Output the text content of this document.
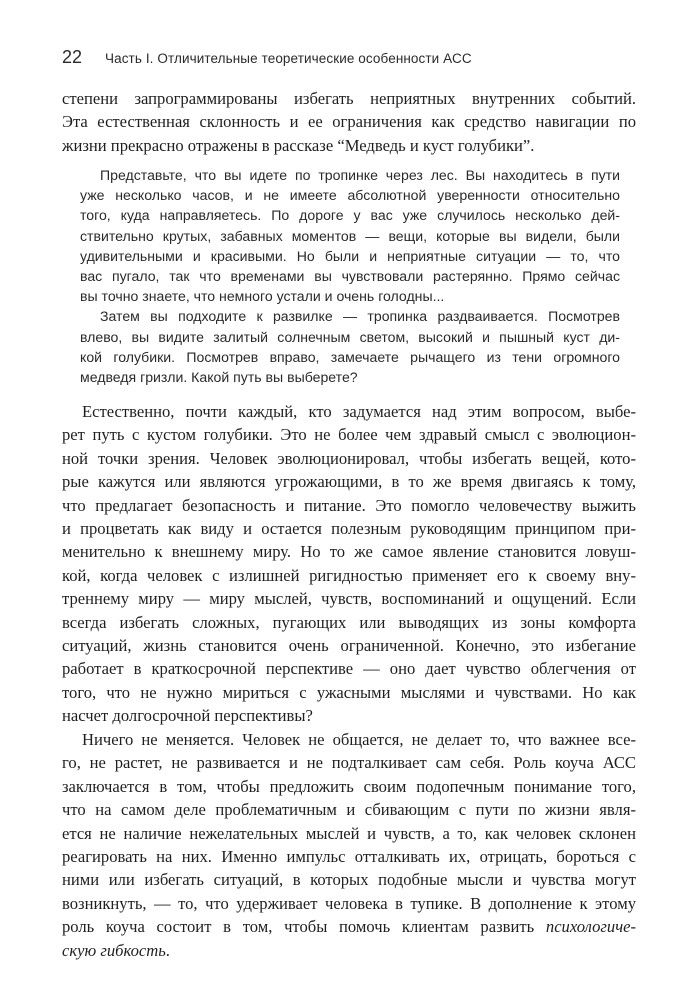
22 Часть I. Отличительные теоретические особенности АСС
степени запрограммированы избегать неприятных внутренних событий.
Эта естественная склонность и ее ограничения как средство навигации по
жизни прекрасно отражены в рассказе “Медведь и куст голубики”.
Представьте, что вы идете по тропинке через лес. Вы находитесь в пути
уже несколько часов, и не имеете абсолютной уверенности относительно
того, куда направляетесь. По дороге у вас уже случилось несколько дей-
ствительно крутых, забавных моментов — вещи, которые вы видели, были
удивительными и красивыми. Но были и неприятные ситуации — то, что
вас пугало, так что временами вы чувствовали растерянно. Прямо сейчас
вы точно знаете, что немного устали и очень голодны...
Затем вы подходите к развилке — тропинка раздваивается. Посмотрев
влево, вы видите залитый солнечным светом, высокий и пышный куст ди-
кой голубики. Посмотрев вправо, замечаете рычащего из тени огромного
медведя гризли. Какой путь вы выберете?
Естественно, почти каждый, кто задумается над этим вопросом, выбе-
рет путь с кустом голубики. Это не более чем здравый смысл с эволюцион-
ной точки зрения. Человек эволюционировал, чтобы избегать вещей, кото-
рые кажутся или являются угрожающими, в то же время двигаясь к тому,
что предлагает безопасность и питание. Это помогло человечеству выжить
и процветать как виду и остается полезным руководящим принципом при-
менительно к внешнему миру. Но то же самое явление становится ловуш-
кой, когда человек с излишней ригидностью применяет его к своему вну-
треннему миру — миру мыслей, чувств, воспоминаний и ощущений. Если
всегда избегать сложных, пугающих или выводящих из зоны комфорта
ситуаций, жизнь становится очень ограниченной. Конечно, это избегание
работает в краткосрочной перспективе — оно дает чувство облегчения от
того, что не нужно мириться с ужасными мыслями и чувствами. Но как
насчет долгосрочной перспективы?
Ничего не меняется. Человек не общается, не делает то, что важнее все-
го, не растет, не развивается и не подталкивает сам себя. Роль коуча АСС
заключается в том, чтобы предложить своим подопечным понимание того,
что на самом деле проблематичным и сбивающим с пути по жизни явля-
ется не наличие нежелательных мыслей и чувств, а то, как человек склонен
реагировать на них. Именно импульс отталкивать их, отрицать, бороться с
ними или избегать ситуаций, в которых подобные мысли и чувства могут
возникнуть, — то, что удерживает человека в тупике. В дополнение к этому
роль коуча состоит в том, чтобы помочь клиентам развить психологиче-
скую гибкость.
